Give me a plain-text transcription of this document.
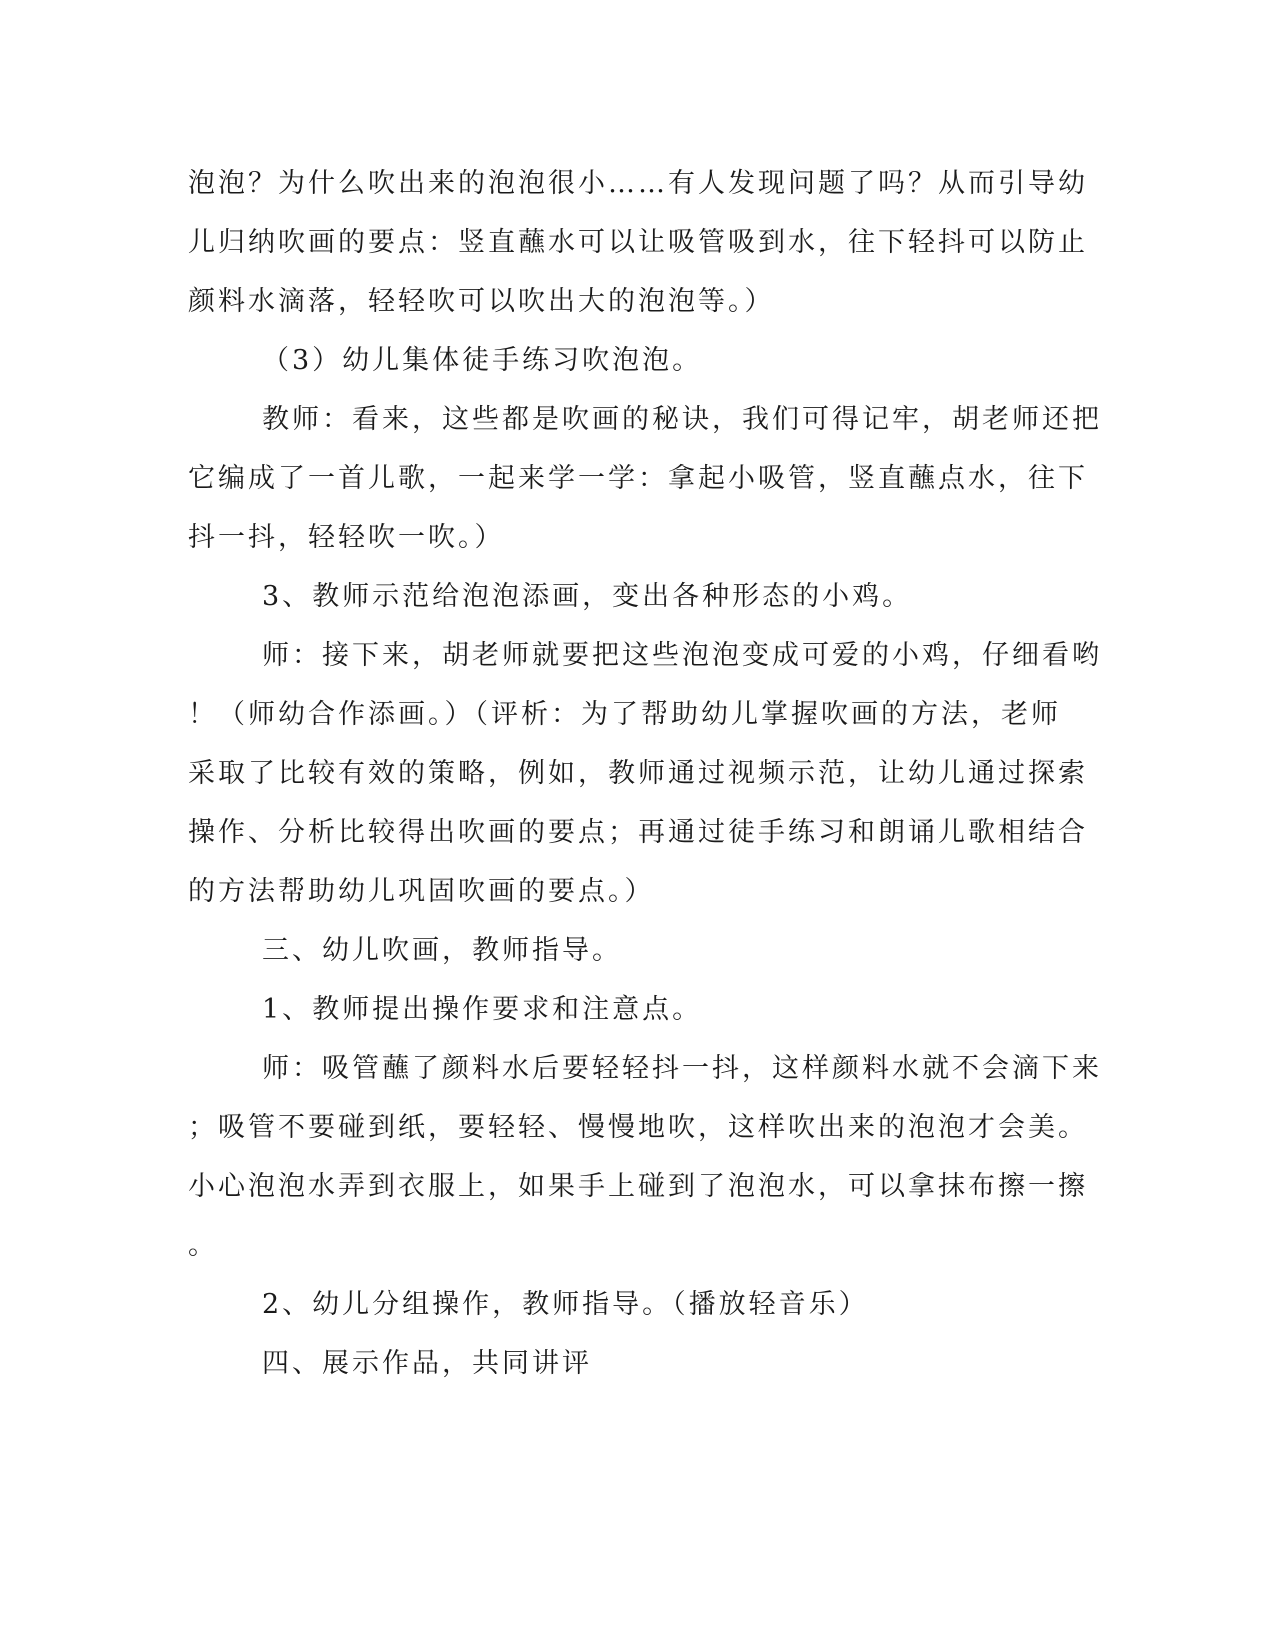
泡泡？为什么吹出来的泡泡很小……有人发现问题了吗？从而引导幼
儿归纳吹画的要点：竖直蘸水可以让吸管吸到水，往下轻抖可以防止
颜料水滴落，轻轻吹可以吹出大的泡泡等。）
（3）幼儿集体徒手练习吹泡泡。
教师：看来，这些都是吹画的秘诀，我们可得记牢，胡老师还把
它编成了一首儿歌，一起来学一学：拿起小吸管，竖直蘸点水，往下
抖一抖，轻轻吹一吹。）
3、教师示范给泡泡添画，变出各种形态的小鸡。
师：接下来，胡老师就要把这些泡泡变成可爱的小鸡，仔细看哟
！（师幼合作添画。）（评析：为了帮助幼儿掌握吹画的方法，老师
采取了比较有效的策略，例如，教师通过视频示范，让幼儿通过探索
操作、分析比较得出吹画的要点；再通过徒手练习和朗诵儿歌相结合
的方法帮助幼儿巩固吹画的要点。）
三、幼儿吹画，教师指导。
1、教师提出操作要求和注意点。
师：吸管蘸了颜料水后要轻轻抖一抖，这样颜料水就不会滴下来
；吸管不要碰到纸，要轻轻、慢慢地吹，这样吹出来的泡泡才会美。
小心泡泡水弄到衣服上，如果手上碰到了泡泡水，可以拿抹布擦一擦
。
2、幼儿分组操作，教师指导。（播放轻音乐）
四、展示作品，共同讲评
